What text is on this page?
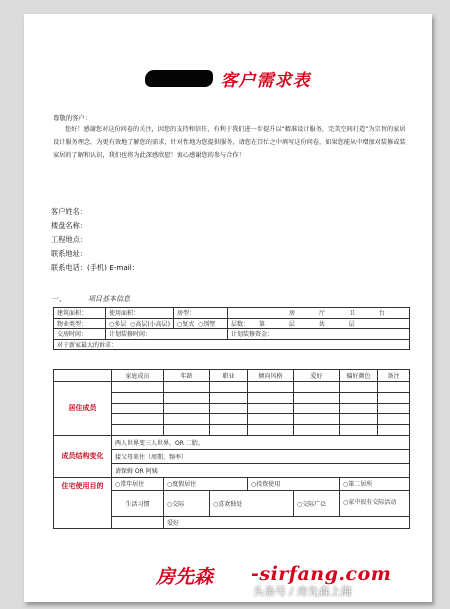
客户需求表
尊敬的客户：
您好！感谢您对这份问卷的关注，因您的支持和信任，有利于我们进一步提升以“精准设计服务，完美空间打造”为宗旨的家居设计服务理念。为更有效地了解您的需求，针对性地为您提供服务，请您在百忙之中填写这份问卷，如果您能从中增加对装修或装家居的了解和认识，我们也将为此深感欣慰！衷心感谢您的参与合作！
客户姓名：
楼盘名称：
工程地点：
联系地址：
联系电话：(手机) E-mail：
一、	项目基本信息
建筑面积：	使用面积：	房型：	房 厅 卫 台
物业类型：	○多层 ○高层(小高层)	○复式 ○别墅	层数： 第 层 共 层
交房时间：	计划装修时间：		计划装修资金：
对于新家最大的诉求：			
	家庭成员	年龄	职业	倾向风格	爱好	偏好颜色	备注
居住成员							

成员结构变化	两人世界变三人世界，OR 二胎。						
	接父母来住（周期、频率）						
	请保姆 OR 阿姨						
住宅使用目的	○常年居住	○度假居住		○投资使用		○第二居所	
	生活习惯	○交际	○喜欢独处		○交际广泛	○家中很有交际活动	

		爱好					
房先森 -sirfang.com
头条号 / 房先森上海
